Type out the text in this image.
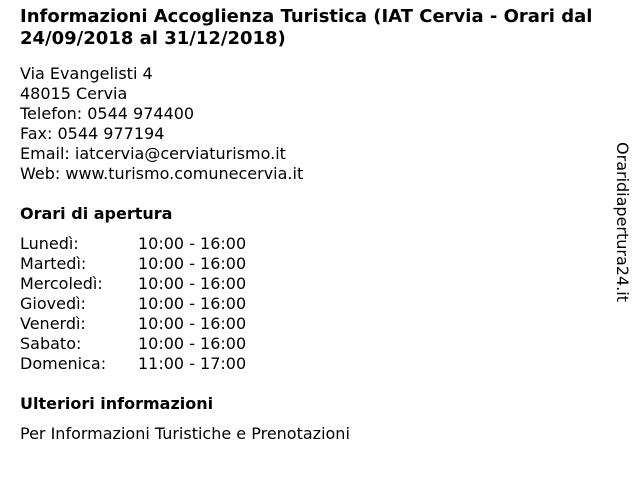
Informazioni Accoglienza Turistica (IAT Cervia - Orari dal 24/09/2018 al 31/12/2018)
Via Evangelisti 4
48015 Cervia
Telefon: 0544 974400
Fax: 0544 977194
Email: iatcervia@cerviaturismo.it
Web: www.turismo.comunecervia.it
Orari di apertura
Lunedì:	10:00 - 16:00
Martedì:	10:00 - 16:00
Mercoledì:	10:00 - 16:00
Giovedì:	10:00 - 16:00
Venerdì:	10:00 - 16:00
Sabato:	10:00 - 16:00
Domenica:	11:00 - 17:00
Ulteriori informazioni
Per Informazioni Turistiche e Prenotazioni
Oraridiapertura24.it
